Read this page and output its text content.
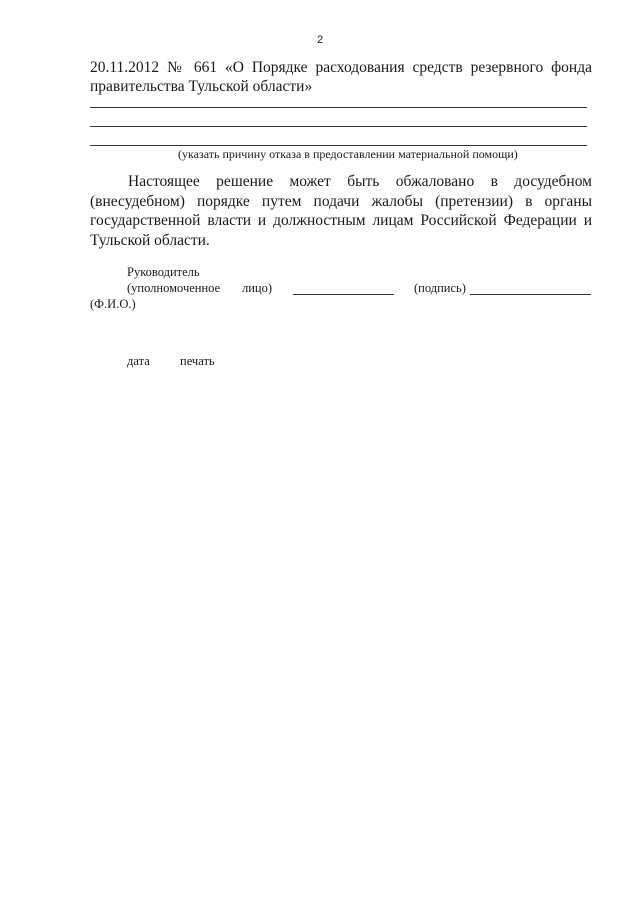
2
20.11.2012 № 661 «О Порядке расходования средств резервного фонда правительства Тульской области»
(указать причину отказа в предоставлении материальной помощи)
Настоящее решение может быть обжаловано в досудебном (внесудебном) порядке путем подачи жалобы (претензии) в органы государственной власти и должностным лицам Российской Федерации и Тульской области.
Руководитель
(уполномоченное лицо)	(подпись)
(Ф.И.О.)
дата печать
